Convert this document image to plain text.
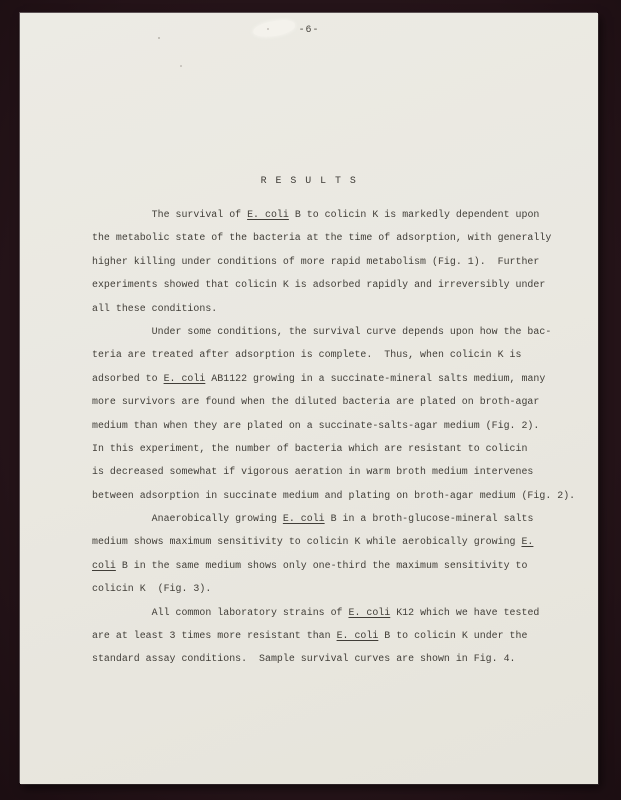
-6-
R E S U L T S
The survival of E. coli B to colicin K is markedly dependent upon
the metabolic state of the bacteria at the time of adsorption, with generally
higher killing under conditions of more rapid metabolism (Fig. 1).  Further
experiments showed that colicin K is adsorbed rapidly and irreversibly under
all these conditions.
Under some conditions, the survival curve depends upon how the bac-
teria are treated after adsorption is complete.  Thus, when colicin K is
adsorbed to E. coli AB1122 growing in a succinate-mineral salts medium, many
more survivors are found when the diluted bacteria are plated on broth-agar
medium than when they are plated on a succinate-salts-agar medium (Fig. 2).
In this experiment, the number of bacteria which are resistant to colicin
is decreased somewhat if vigorous aeration in warm broth medium intervenes
between adsorption in succinate medium and plating on broth-agar medium (Fig. 2).
Anaerobically growing E. coli B in a broth-glucose-mineral salts
medium shows maximum sensitivity to colicin K while aerobically growing E.
coli B in the same medium shows only one-third the maximum sensitivity to
colicin K  (Fig. 3).
All common laboratory strains of E. coli K12 which we have tested
are at least 3 times more resistant than E. coli B to colicin K under the
standard assay conditions.  Sample survival curves are shown in Fig. 4.
